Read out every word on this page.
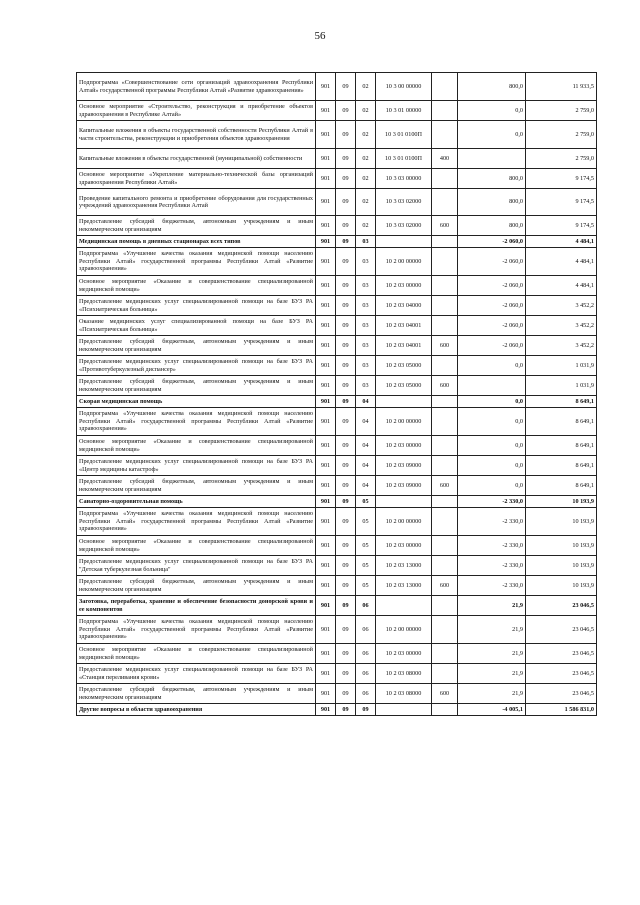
56
Подпрограмма «Совершенствование сети организаций здравоохранения Республики Алтай» государственной программы Республики Алтай «Развитие здравоохранения»	901	09	02	10 3 00 00000		800,0	11 933,5
Основное мероприятие «Строительство, реконструкция и приобретение объектов здравоохранения в Республике Алтай»	901	09	02	10 3 01 00000		0,0	2 759,0
Капитальные вложения в объекты государственной собственности Республики Алтай в части строительства, реконструкции и приобретения объектов здравоохранения	901	09	02	10 3 01 0100П		0,0	2 759,0
Капитальные вложения в объекты государственной (муниципальной) собственности	901	09	02	10 3 01 0100П	400		2 759,0
Основное мероприятие «Укрепление материально-технической базы организаций здравоохранения Республики Алтай»	901	09	02	10 3 03 00000		800,0	9 174,5
Проведение капитального ремонта и приобретение оборудования для государственных учреждений здравоохранения Республики Алтай	901	09	02	10 3 03 02000		800,0	9 174,5
Предоставление субсидий бюджетным, автономным учреждениям и иным некоммерческим организациям	901	09	02	10 3 03 02000	600	800,0	9 174,5
Медицинская помощь в дневных стационарах всех типов	901	09	03			-2 060,0	4 484,1
Подпрограмма «Улучшение качества оказания медицинской помощи населению Республики Алтай» государственной программы Республики Алтай «Развитие здравоохранения»	901	09	03	10 2 00 00000		-2 060,0	4 484,1
Основное мероприятие «Оказание и совершенствование специализированной медицинской помощи»	901	09	03	10 2 03 00000		-2 060,0	4 484,1
Предоставление медицинских услуг специализированной помощи на базе БУЗ РА «Психиатрическая больница»	901	09	03	10 2 03 04000		-2 060,0	3 452,2
Оказание медицинских услуг специализированной помощи на базе БУЗ РА «Психиатрическая больница»	901	09	03	10 2 03 04001		-2 060,0	3 452,2
Предоставление субсидий бюджетным, автономным учреждениям и иным некоммерческим организациям	901	09	03	10 2 03 04001	600	-2 060,0	3 452,2
Предоставление медицинских услуг специализированной помощи на базе БУЗ РА «Противотуберкулезный диспансер»	901	09	03	10 2 03 05000		0,0	1 031,9
Предоставление субсидий бюджетным, автономным учреждениям и иным некоммерческим организациям	901	09	03	10 2 03 05000	600		1 031,9
Скорая медицинская помощь	901	09	04			0,0	8 649,1
Подпрограмма «Улучшение качества оказания медицинской помощи населению Республики Алтай» государственной программы Республики Алтай «Развитие здравоохранения»	901	09	04	10 2 00 00000		0,0	8 649,1
Основное мероприятие «Оказание и совершенствование специализированной медицинской помощи»	901	09	04	10 2 03 00000		0,0	8 649,1
Предоставление медицинских услуг специализированной помощи на базе БУЗ РА «Центр медицины катастроф»	901	09	04	10 2 03 09000		0,0	8 649,1
Предоставление субсидий бюджетным, автономным учреждениям и иным некоммерческим организациям	901	09	04	10 2 03 09000	600	0,0	8 649,1
Санаторно-оздоровительная помощь	901	09	05			-2 330,0	10 193,9
Подпрограмма «Улучшение качества оказания медицинской помощи населению Республики Алтай» государственной программы Республики Алтай «Развитие здравоохранения»	901	09	05	10 2 00 00000		-2 330,0	10 193,9
Основное мероприятие «Оказание и совершенствование специализированной медицинской помощи»	901	09	05	10 2 03 00000		-2 330,0	10 193,9
Предоставление медицинских услуг специализированной помощи на базе БУЗ РА "Детская туберкулезная больница"	901	09	05	10 2 03 13000		-2 330,0	10 193,9
Предоставление субсидий бюджетным, автономным учреждениям и иным некоммерческим организациям	901	09	05	10 2 03 13000	600	-2 330,0	10 193,9
Заготовка, переработка, хранение и обеспечение безопасности донорской крови и ее компонентов	901	09	06			21,9	23 046,5
Подпрограмма «Улучшение качества оказания медицинской помощи населению Республики Алтай» государственной программы Республики Алтай «Развитие здравоохранения»	901	09	06	10 2 00 00000		21,9	23 046,5
Основное мероприятие «Оказание и совершенствование специализированной медицинской помощи»	901	09	06	10 2 03 00000		21,9	23 046,5
Предоставление медицинских услуг специализированной помощи на базе БУЗ РА «Станция переливания крови»	901	09	06	10 2 03 08000		21,9	23 046,5
Предоставление субсидий бюджетным, автономным учреждениям и иным некоммерческим организациям	901	09	06	10 2 03 08000	600	21,9	23 046,5
Другие вопросы в области здравоохранения	901	09	09			-4 005,1	1 586 831,0
